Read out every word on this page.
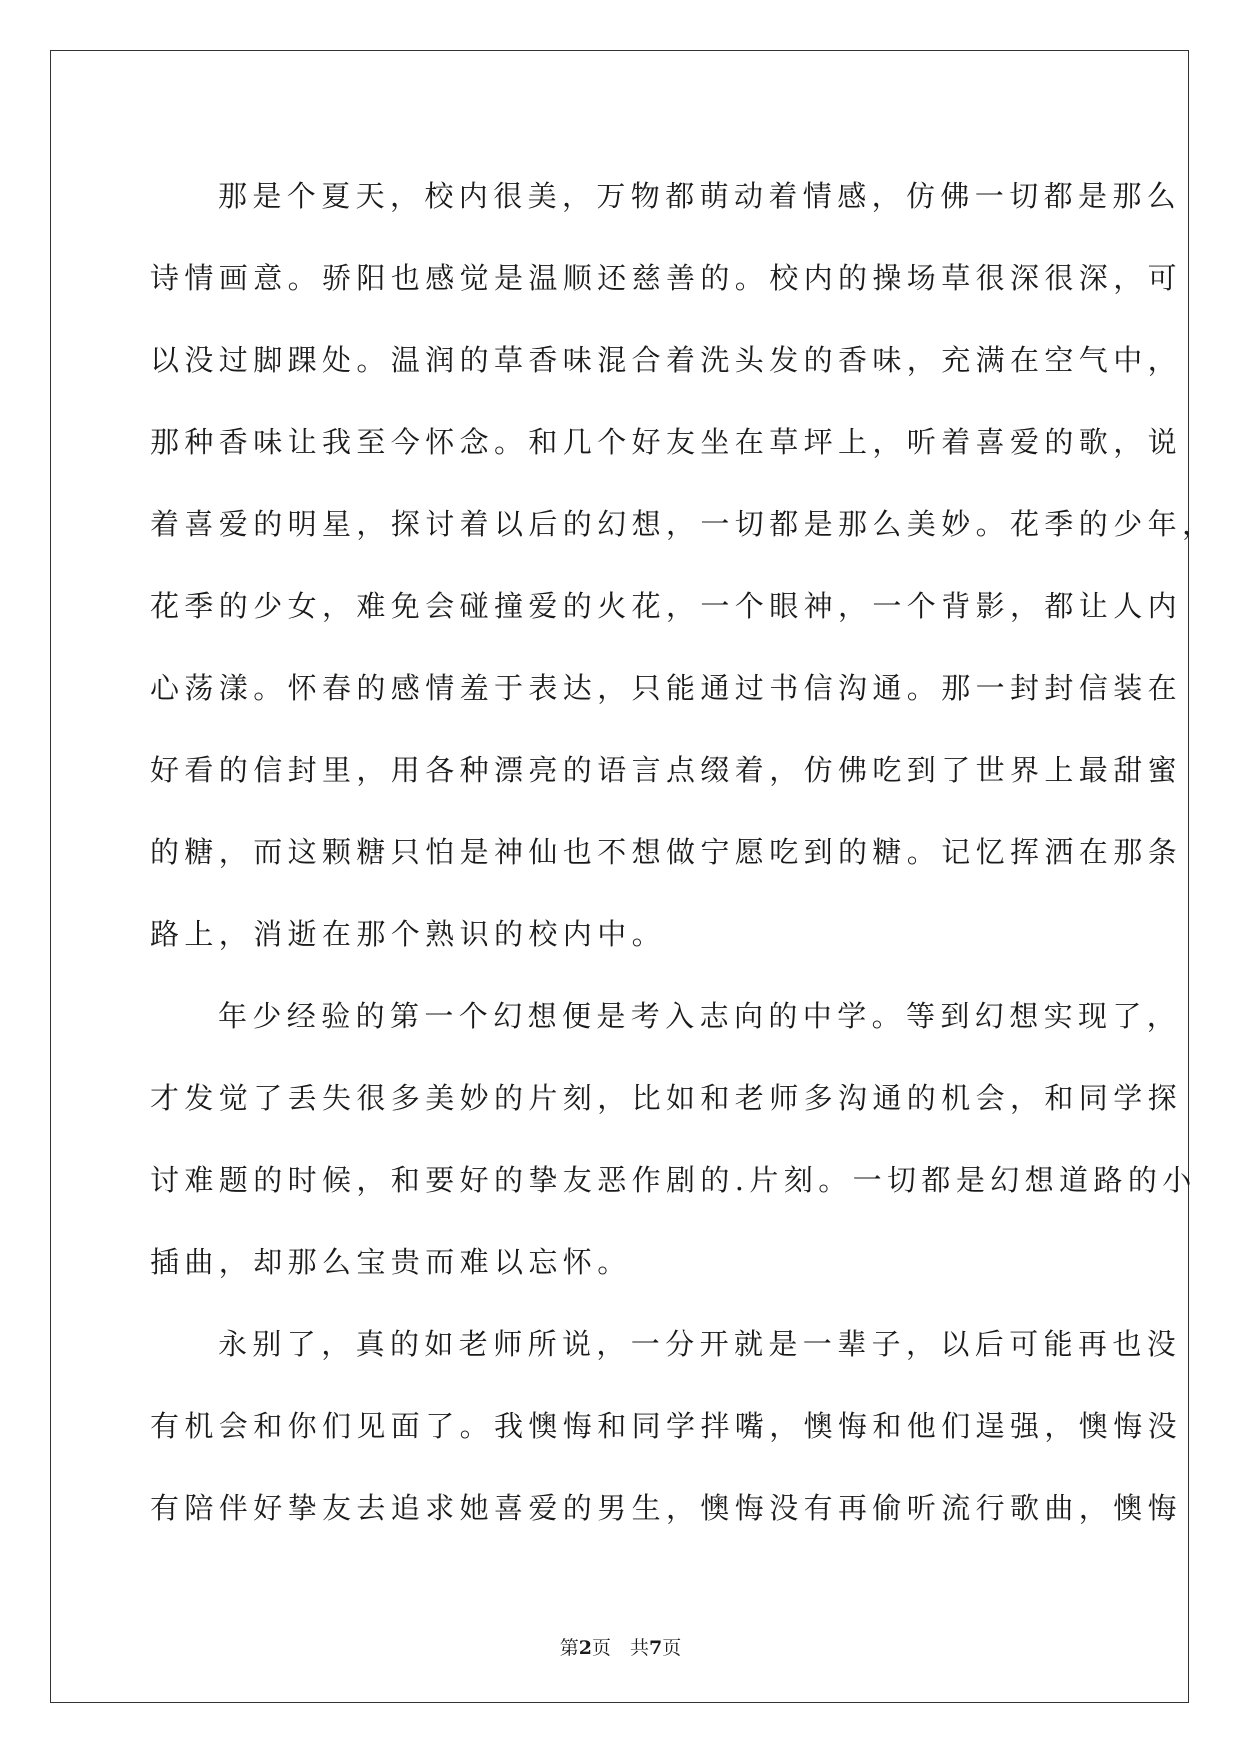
那是个夏天，校内很美，万物都萌动着情感，仿佛一切都是那么
诗情画意。骄阳也感觉是温顺还慈善的。校内的操场草很深很深，可
以没过脚踝处。温润的草香味混合着洗头发的香味，充满在空气中，
那种香味让我至今怀念。和几个好友坐在草坪上，听着喜爱的歌，说
着喜爱的明星，探讨着以后的幻想，一切都是那么美妙。花季的少年，
花季的少女，难免会碰撞爱的火花，一个眼神，一个背影，都让人内
心荡漾。怀春的感情羞于表达，只能通过书信沟通。那一封封信装在
好看的信封里，用各种漂亮的语言点缀着，仿佛吃到了世界上最甜蜜
的糖，而这颗糖只怕是神仙也不想做宁愿吃到的糖。记忆挥洒在那条
路上，消逝在那个熟识的校内中。

年少经验的第一个幻想便是考入志向的中学。等到幻想实现了，
才发觉了丢失很多美妙的片刻，比如和老师多沟通的机会，和同学探
讨难题的时候，和要好的挚友恶作剧的.片刻。一切都是幻想道路的小
插曲，却那么宝贵而难以忘怀。

永别了，真的如老师所说，一分开就是一辈子，以后可能再也没
有机会和你们见面了。我懊悔和同学拌嘴，懊悔和他们逞强，懊悔没
有陪伴好挚友去追求她喜爱的男生，懊悔没有再偷听流行歌曲，懊悔

第2页　共7页
